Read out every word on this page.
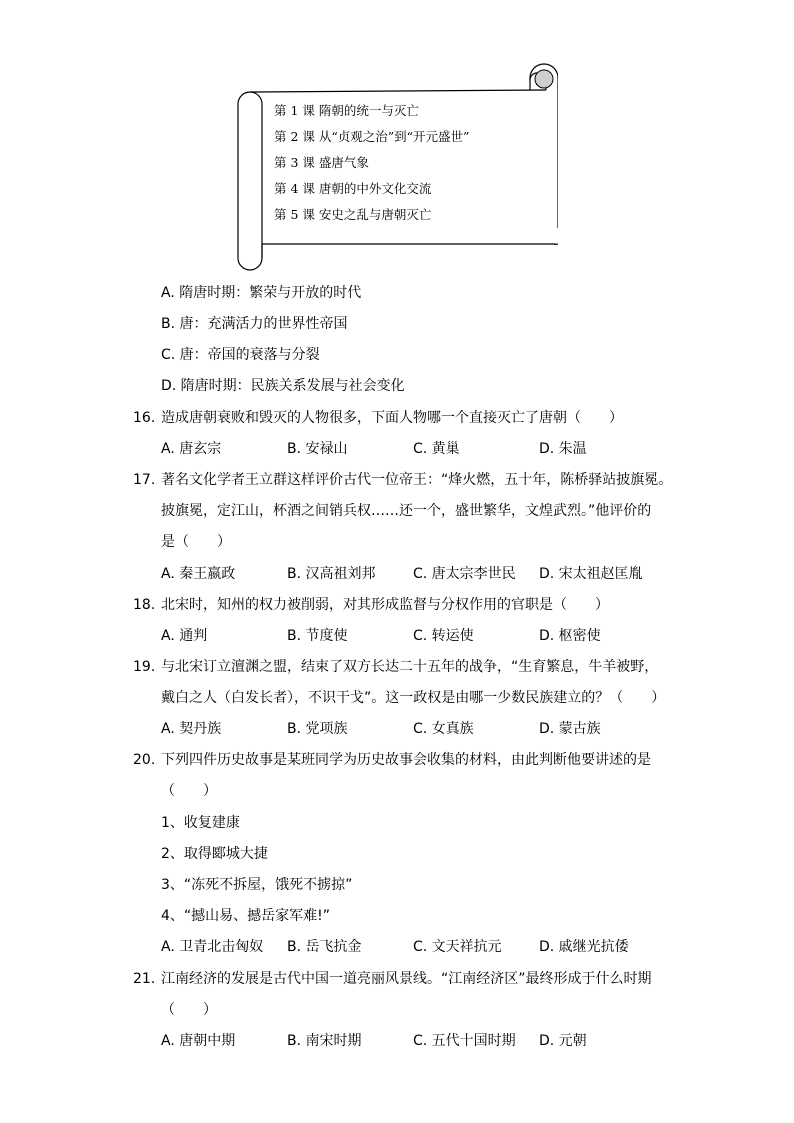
第 1 课 隋朝的统一与灭亡
第 2 课 从“贞观之治”到“开元盛世”
第 3 课 盛唐气象
第 4 课 唐朝的中外文化交流
第 5 课 安史之乱与唐朝灭亡
A. 隋唐时期：繁荣与开放的时代
B. 唐：充满活力的世界性帝国
C. 唐：帝国的衰落与分裂
D. 隋唐时期：民族关系发展与社会变化
16. 造成唐朝衰败和毁灭的人物很多，下面人物哪一个直接灭亡了唐朝（　　）
A. 唐玄宗	B. 安禄山	C. 黄巢	D. 朱温
17. 著名文化学者王立群这样评价古代一位帝王：“烽火燃，五十年，陈桥驿站披旗冕。
披旗冕，定江山，杯酒之间销兵权……还一个，盛世繁华，文煌武烈。”他评价的
是（　　）
A. 秦王嬴政	B. 汉高祖刘邦	C. 唐太宗李世民 D. 宋太祖赵匡胤
18. 北宋时，知州的权力被削弱，对其形成监督与分权作用的官职是（　　）
A. 通判	B. 节度使	C. 转运使	D. 枢密使
19. 与北宋订立澶渊之盟，结束了双方长达二十五年的战争，“生育繁息，牛羊被野，
戴白之人（白发长者），不识干戈”。这一政权是由哪一少数民族建立的？（　　）
A. 契丹族	B. 党项族	C. 女真族	D. 蒙古族
20. 下列四件历史故事是某班同学为历史故事会收集的材料，由此判断他要讲述的是
（　　）
1、收复建康
2、取得郾城大捷
3、“冻死不拆屋，饿死不掳掠”
4、“撼山易、撼岳家军难!”
A. 卫青北击匈奴 B. 岳飞抗金	C. 文天祥抗元	D. 戚继光抗倭
21. 江南经济的发展是古代中国一道亮丽风景线。“江南经济区”最终形成于什么时期
（　　）
A. 唐朝中期	B. 南宋时期	C. 五代十国时期 D. 元朝
